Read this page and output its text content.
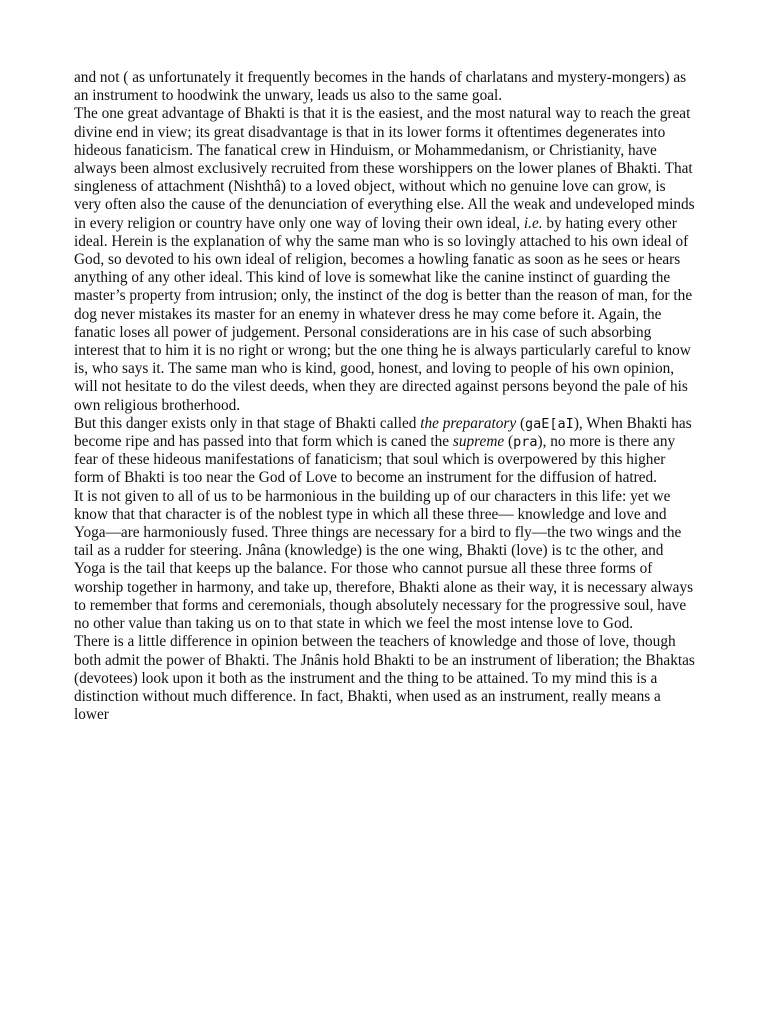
and not ( as unfortunately it frequently becomes in the hands of charlatans and mystery-mongers) as an instrument to hoodwink the unwary, leads us also to the same goal.

The one great advantage of Bhakti is that it is the easiest, and the most natural way to reach the great divine end in view; its great disadvantage is that in its lower forms it oftentimes degenerates into hideous fanaticism. The fanatical crew in Hinduism, or Mohammedanism, or Christianity, have always been almost exclusively recruited from these worshippers on the lower planes of Bhakti. That singleness of attachment (Nishthâ) to a loved object, without which no genuine love can grow, is very often also the cause of the denunciation of everything else. All the weak and undeveloped minds in every religion or country have only one way of loving their own ideal, i.e. by hating every other ideal. Herein is the explanation of why the same man who is so lovingly attached to his own ideal of God, so devoted to his own ideal of religion, becomes a howling fanatic as soon as he sees or hears anything of any other ideal. This kind of love is somewhat like the canine instinct of guarding the master’s property from intrusion; only, the instinct of the dog is better than the reason of man, for the dog never mistakes its master for an enemy in whatever dress he may come before it. Again, the fanatic loses all power of judgement. Personal considerations are in his case of such absorbing interest that to him it is no right or wrong; but the one thing he is always particularly careful to know is, who says it. The same man who is kind, good, honest, and loving to people of his own opinion, will not hesitate to do the vilest deeds, when they are directed against persons beyond the pale of his own religious brotherhood.

But this danger exists only in that stage of Bhakti called the preparatory (gaE[aI), When Bhakti has become ripe and has passed into that form which is caned the supreme (pra), no more is there any fear of these hideous manifestations of fanaticism; that soul which is overpowered by this higher form of Bhakti is too near the God of Love to become an instrument for the diffusion of hatred.

It is not given to all of us to be harmonious in the building up of our characters in this life: yet we know that that character is of the noblest type in which all these three— knowledge and love and Yoga—are harmoniously fused. Three things are necessary for a bird to fly—the two wings and the tail as a rudder for steering. Jnâna (knowledge) is the one wing, Bhakti (love) is tc the other, and Yoga is the tail that keeps up the balance. For those who cannot pursue all these three forms of worship together in harmony, and take up, therefore, Bhakti alone as their way, it is necessary always to remember that forms and ceremonials, though absolutely necessary for the progressive soul, have no other value than taking us on to that state in which we feel the most intense love to God.

There is a little difference in opinion between the teachers of knowledge and those of love, though both admit the power of Bhakti. The Jnânis hold Bhakti to be an instrument of liberation; the Bhaktas (devotees) look upon it both as the instrument and the thing to be attained. To my mind this is a distinction without much difference. In fact, Bhakti, when used as an instrument, really means a lower
